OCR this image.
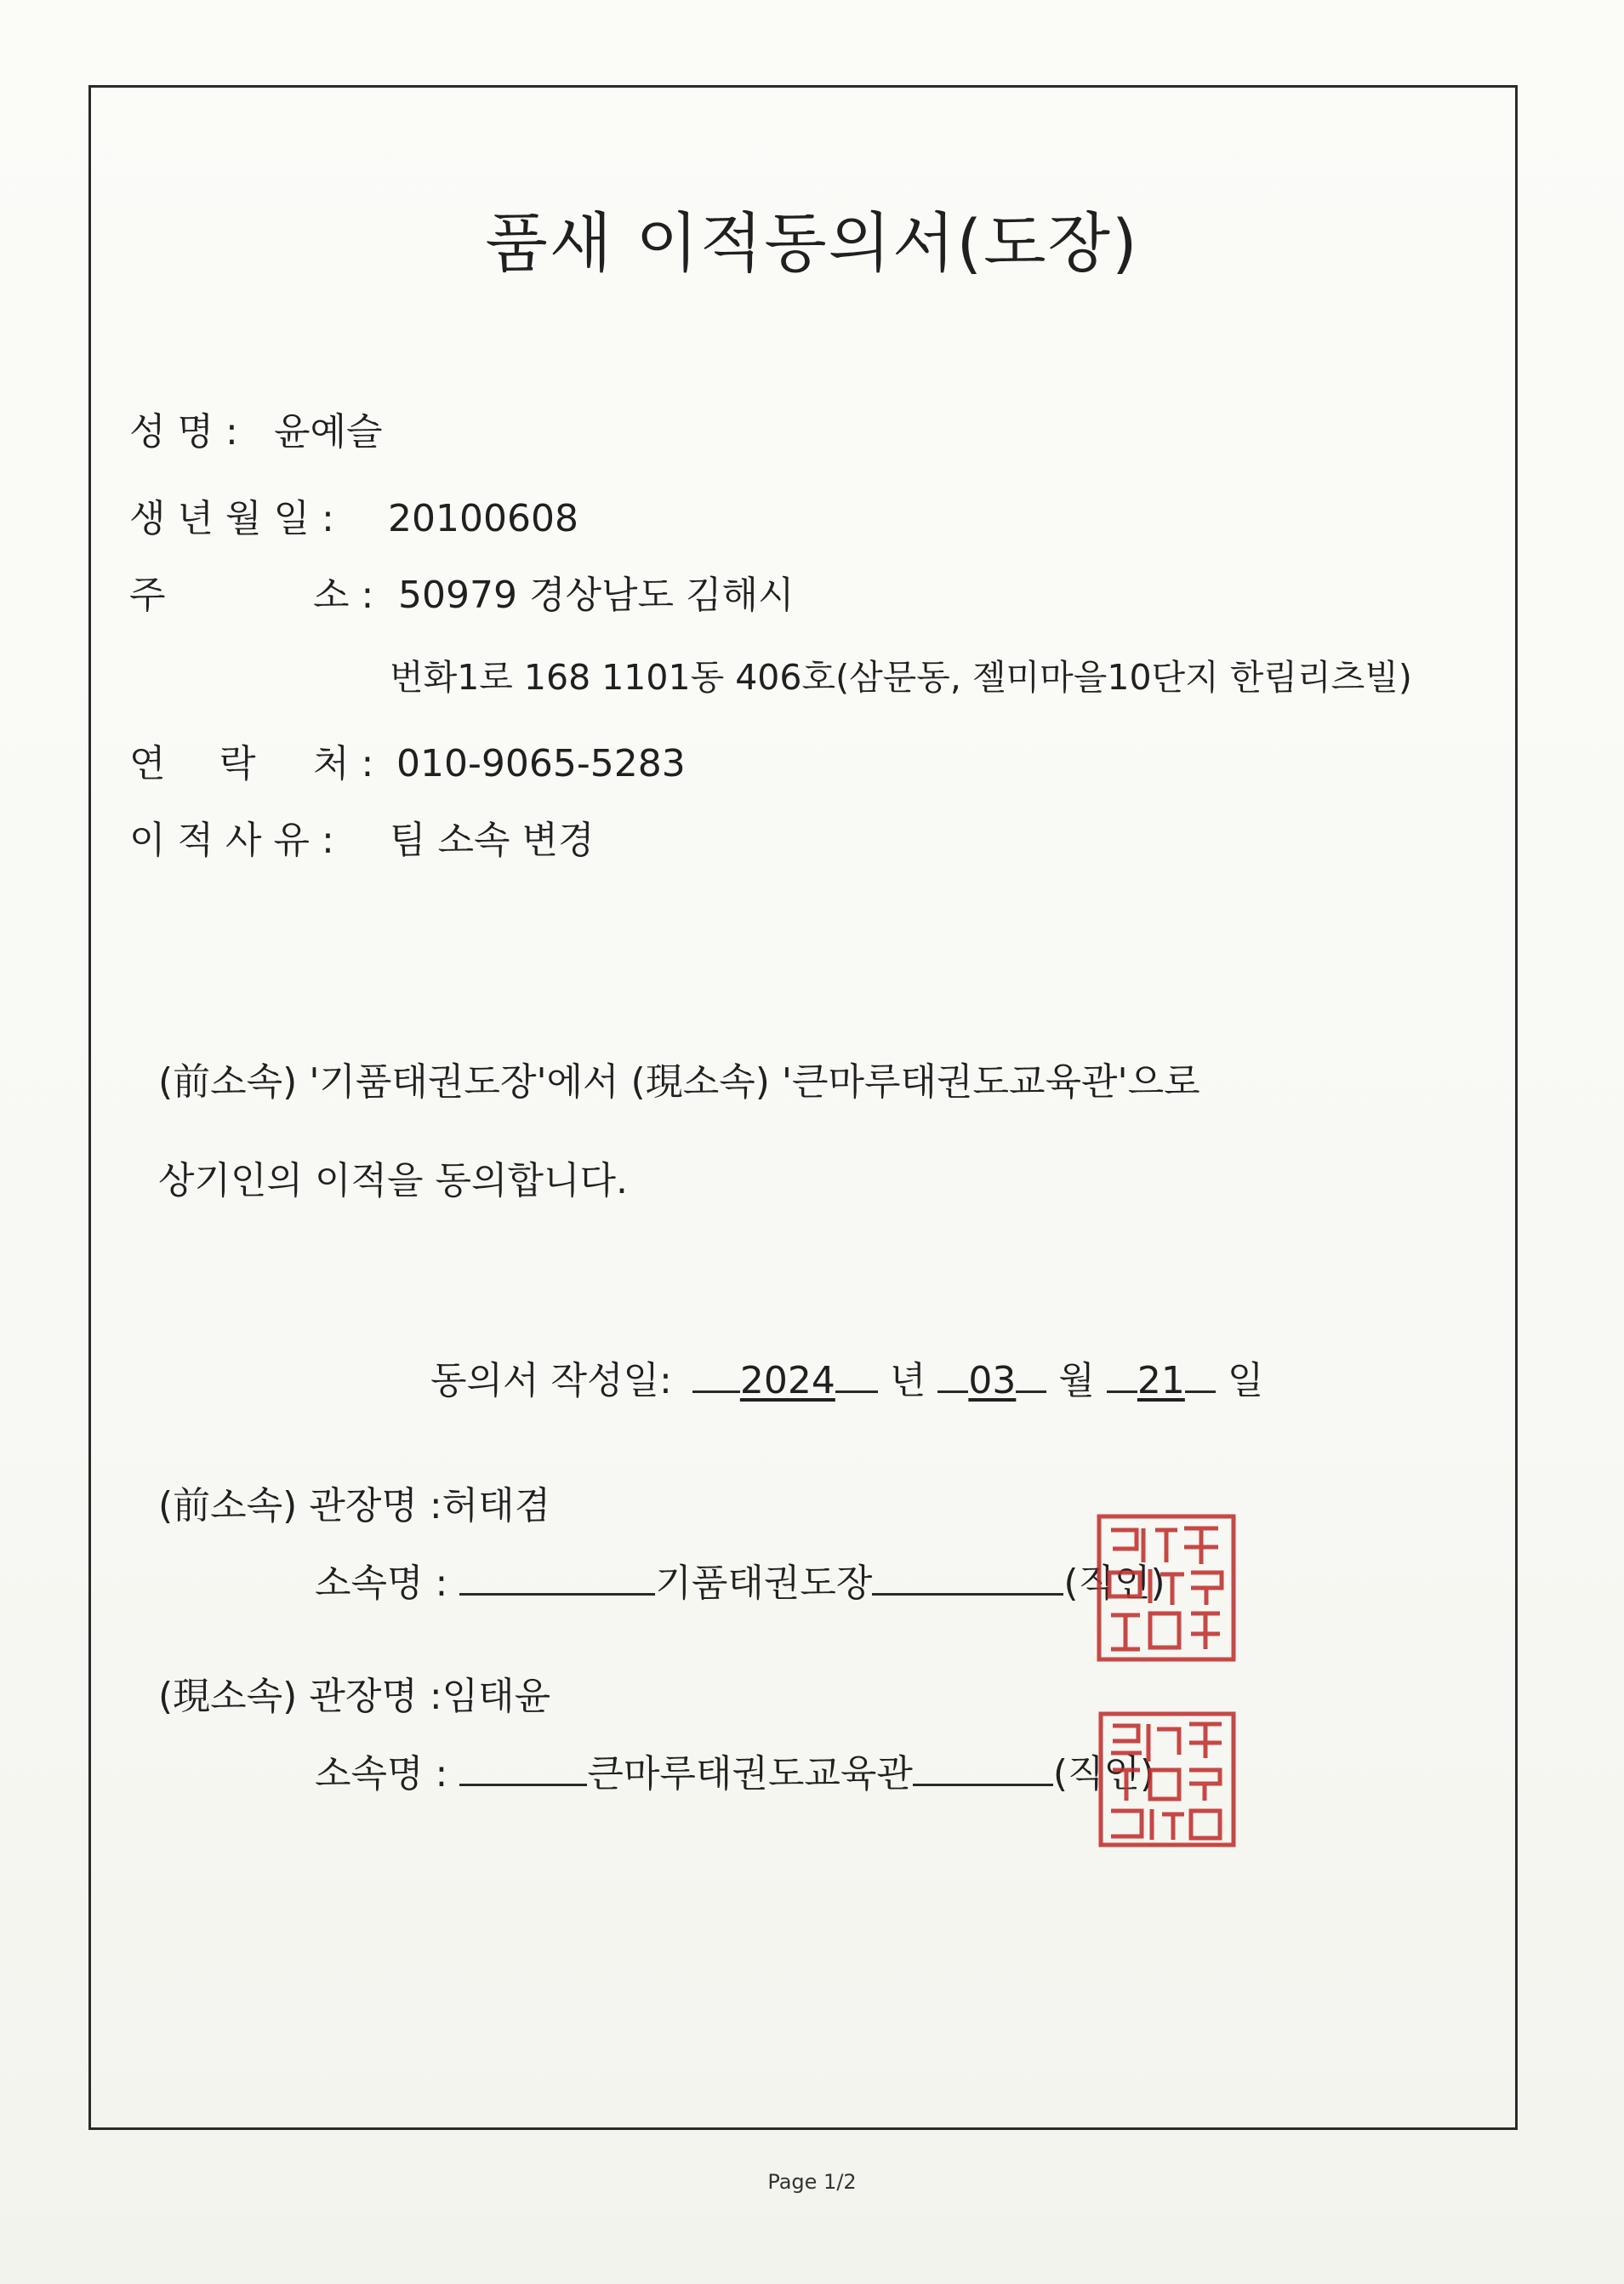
품새 이적동의서(도장)
성 명 : 윤예슬
생 년 월 일 : 20100608
주	소 : 50979 경상남도 김해시
번화1로 168 1101동 406호(삼문동, 젤미마을10단지 한림리츠빌)
연 락 처 : 010-9065-5283
이 적 사 유 : 팀 소속 변경
(前소속) '기품태권도장'에서 (現소속) '큰마루태권도교육관'으로
상기인의 이적을 동의합니다.
동의서 작성일: 2024 년 03 월 21 일
(前소속) 관장명 :허태겸
소속명 :	기품태권도장	(직인)
(現소속) 관장명 :임태윤
소속명 :	큰마루태권도교육관	(직인)
Page 1/2
